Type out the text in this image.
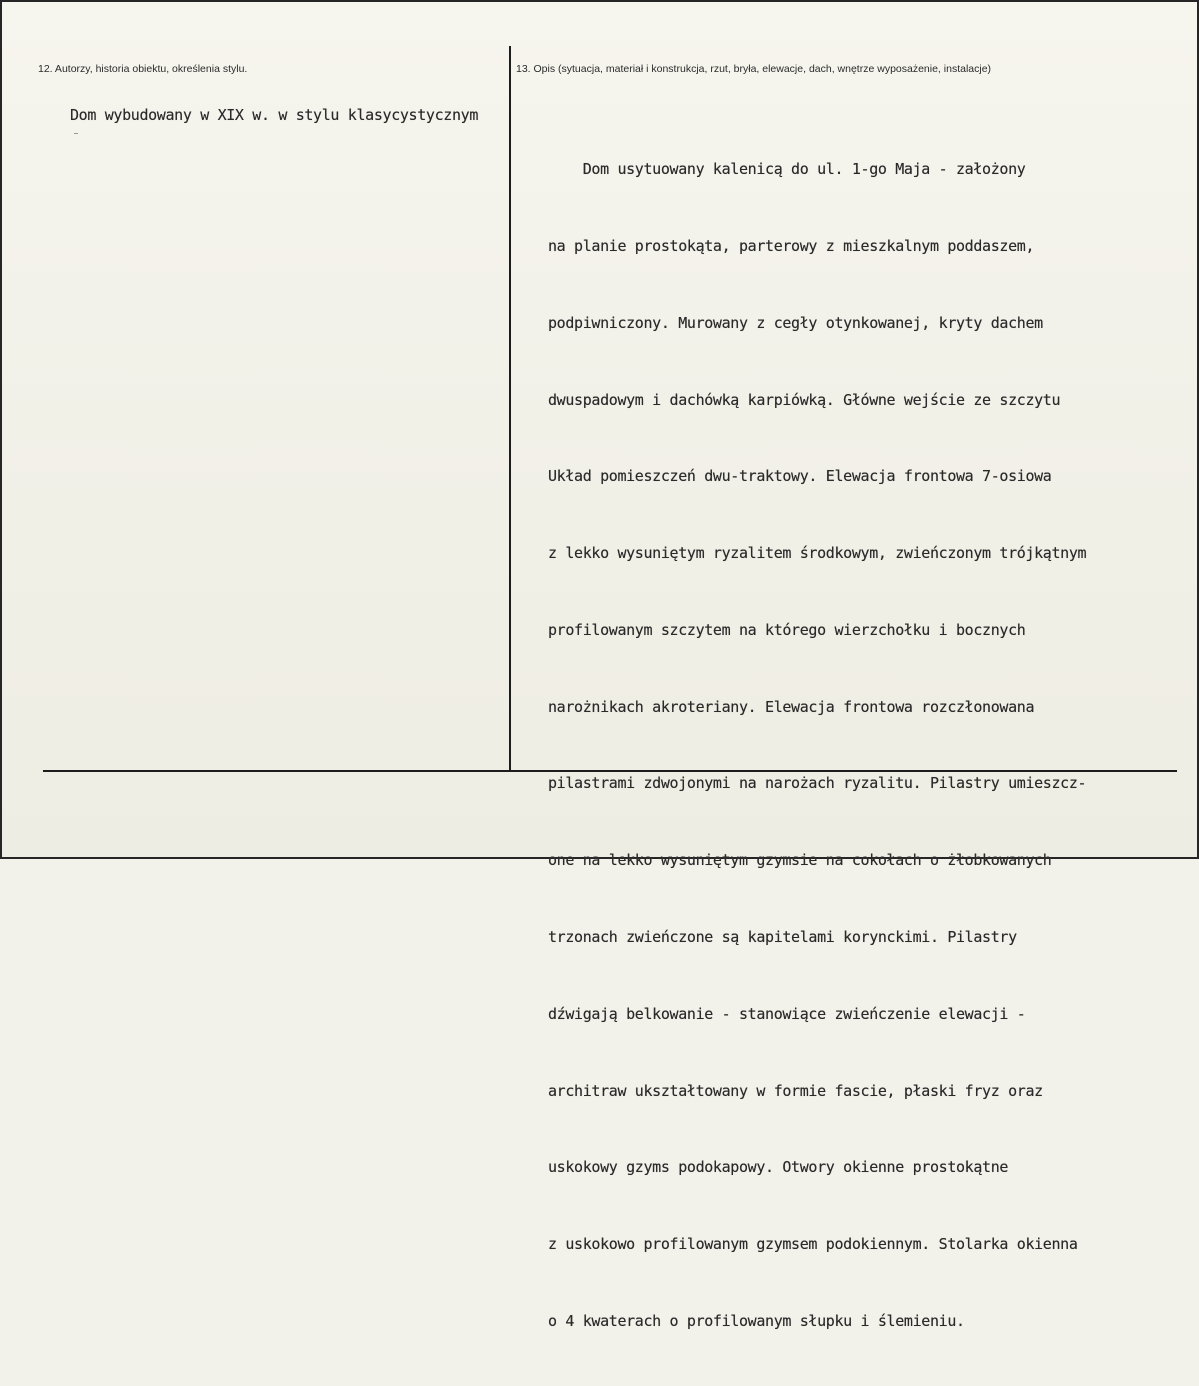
12. Autorzy, historia obiektu, określenia stylu.	13. Opis (sytuacja, materiał i konstrukcja, rzut, bryła, elewacje, dach, wnętrze wyposażenie, instalacje)
Dom wybudowany w XIX w. w stylu klasycystycznym

Dom usytuowany kalenicą do ul. 1-go Maja - założony

na planie prostokąta, parterowy z mieszkalnym poddaszem,

podpiwniczony. Murowany z cegły otynkowanej, kryty dachem

dwuspadowym i dachówką karpiówką. Główne wejście ze szczytu

Układ pomieszczeń dwu-traktowy. Elewacja frontowa 7-osiowa

z lekko wysuniętym ryzalitem środkowym, zwieńczonym trójkątnym

profilowanym szczytem na którego wierzchołku i bocznych

narożnikach akroteriany. Elewacja frontowa rozczłonowana

pilastrami zdwojonymi na narożach ryzalitu. Pilastry umieszcz-

one na lekko wysuniętym gzymsie na cokołach o żłobkowanych

trzonach zwieńczone są kapitelami korynckimi. Pilastry

dźwigają belkowanie - stanowiące zwieńczenie elewacji -

architraw ukształtowany w formie fascie, płaski fryz oraz

uskokowy gzyms podokapowy. Otwory okienne prostokątne

z uskokowo profilowanym gzymsem podokiennym. Stolarka okienna

o 4 kwaterach o profilowanym słupku i ślemieniu.
